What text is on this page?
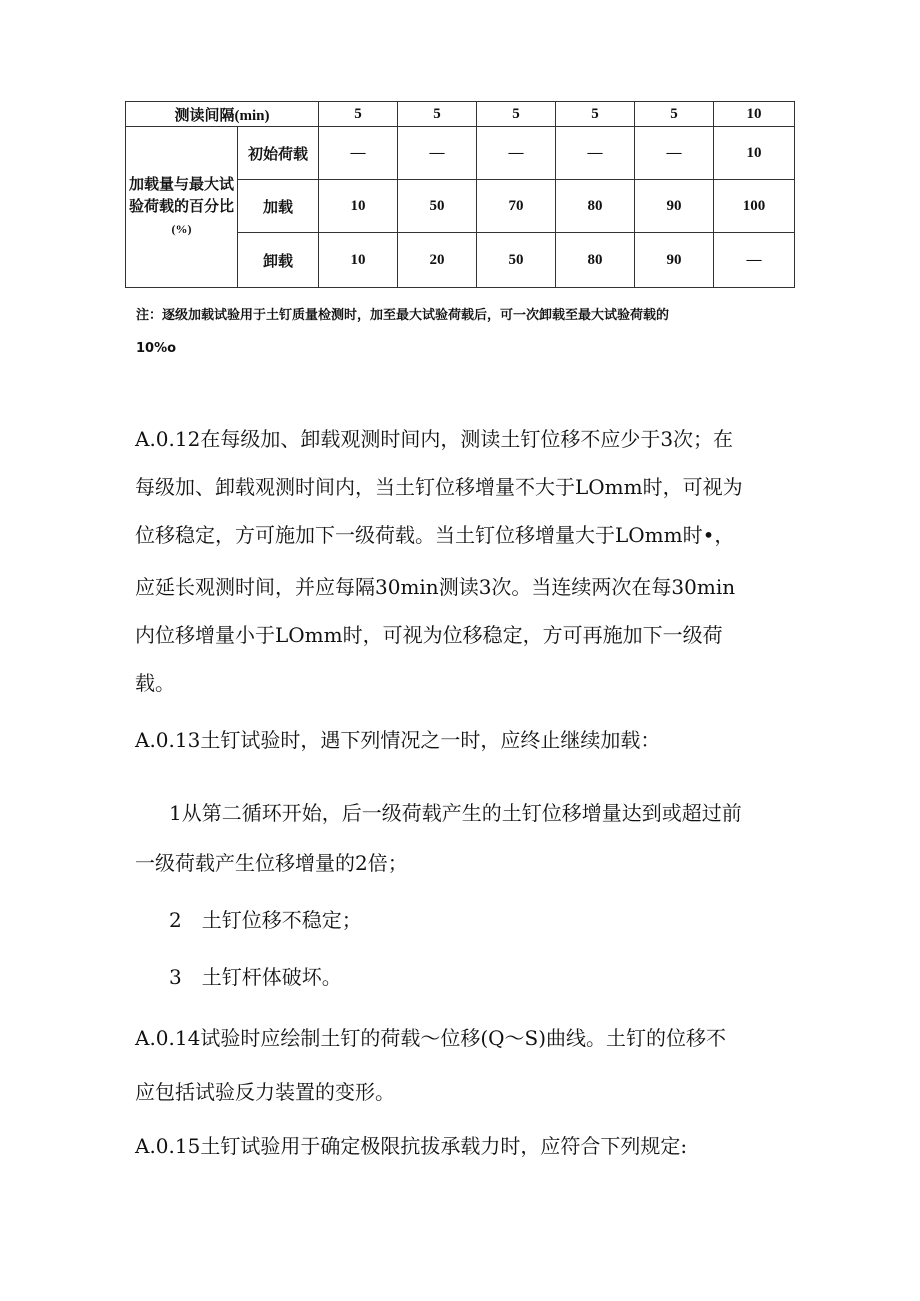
测读间隔(min)		5	5	5	5	5	10

加载量与最大试
验荷载的百分比
(%)	初始荷载	—	—	—	—	—	10
	加载	10	50	70	80	90	100
	卸载	10	20	50	80	90	—
注：逐级加载试验用于土钉质量检测时，加至最大试验荷载后，可一次卸载至最大试验荷载的
10%o
A.0.12在每级加、卸载观测时间内，测读土钉位移不应少于3次；在
每级加、卸载观测时间内，当土钉位移增量不大于LOmm时，可视为
位移稳定，方可施加下一级荷载。当土钉位移增量大于LOmm时•，
应延长观测时间，并应每隔30min测读3次。当连续两次在每30min
内位移增量小于LOmm时，可视为位移稳定，方可再施加下一级荷
载。
A.0.13土钉试验时，遇下列情况之一时，应终止继续加载：
1从第二循环开始，后一级荷载产生的土钉位移增量达到或超过前
一级荷载产生位移增量的2倍；
2　土钉位移不稳定；
3　土钉杆体破坏。
A.0.14试验时应绘制土钉的荷载～位移(Q～S)曲线。土钉的位移不
应包括试验反力装置的变形。
A.0.15土钉试验用于确定极限抗拔承载力时，应符合下列规定:
